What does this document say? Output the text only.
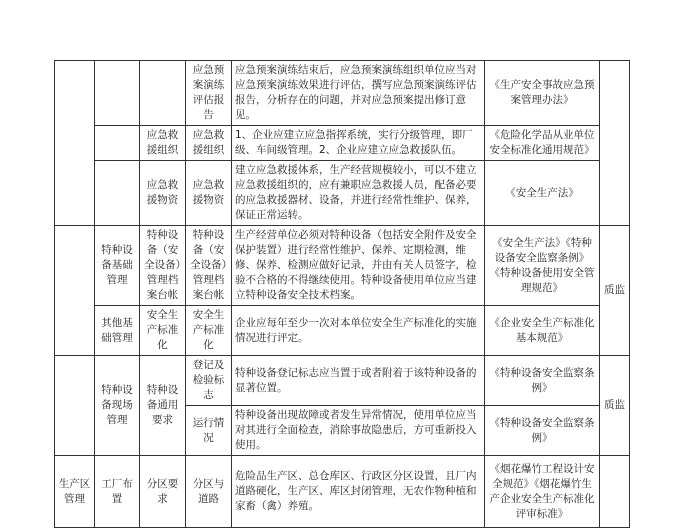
			应急预案演练评估报告	应急预案演练结束后，应急预案演练组织单位应当对应急预案演练效果进行评估，撰写应急预案演练评估报告，分析存在的问题，并对应急预案提出修订意见。	《生产安全事故应急预案管理办法》	
		应急救援组织	应急救援组织	1、企业应建立应急指挥系统，实行分级管理，即厂级、车间级管理。2、企业应建立应急救援队伍。	《危险化学品从业单位安全标准化通用规范》	
		应急救援物资	应急救援物资	建立应急救援体系，生产经营规模较小，可以不建立应急救援组织的，应有兼职应急救援人员，配备必要的应急救援器材、设备，并进行经常性维护、保养，保证正常运转。	《安全生产法》	
	特种设备基础管理	特种设备（安全设备）管理档案台帐	特种设备（安全设备）管理档案台帐	生产经营单位必须对特种设备（包括安全附件及安全保护装置）进行经常性维护、保养、定期检测，维修、保养、检测应做好记录，并由有关人员签字，检验不合格的不得继续使用。特种设备使用单位应当建立特种设备安全技术档案。	《安全生产法》《特种设备安全监察条例》《特种设备使用安全管理规范》	质监
	其他基础管理	安全生产标准化	安全生产标准化	企业应每年至少一次对本单位安全生产标准化的实施情况进行评定。	《企业安全生产标准化基本规范》	
	特种设备现场管理	特种设备通用要求	登记及检验标志	特种设备登记标志应当置于或者附着于该特种设备的显著位置。	《特种设备安全监察条例》	质监
			运行情况	特种设备出现故障或者发生异常情况，使用单位应当对其进行全面检查，消除事故隐患后，方可重新投入使用。	《特种设备安全监察条例》	
生产区管理	工厂布置	分区要求	分区与道路	危险品生产区、总仓库区、行政区分区设置，且厂内道路硬化，生产区、库区封闭管理，无农作物种植和家畜（禽）养殖。	《烟花爆竹工程设计安全规范》《烟花爆竹生产企业安全生产标准化评审标准》	
